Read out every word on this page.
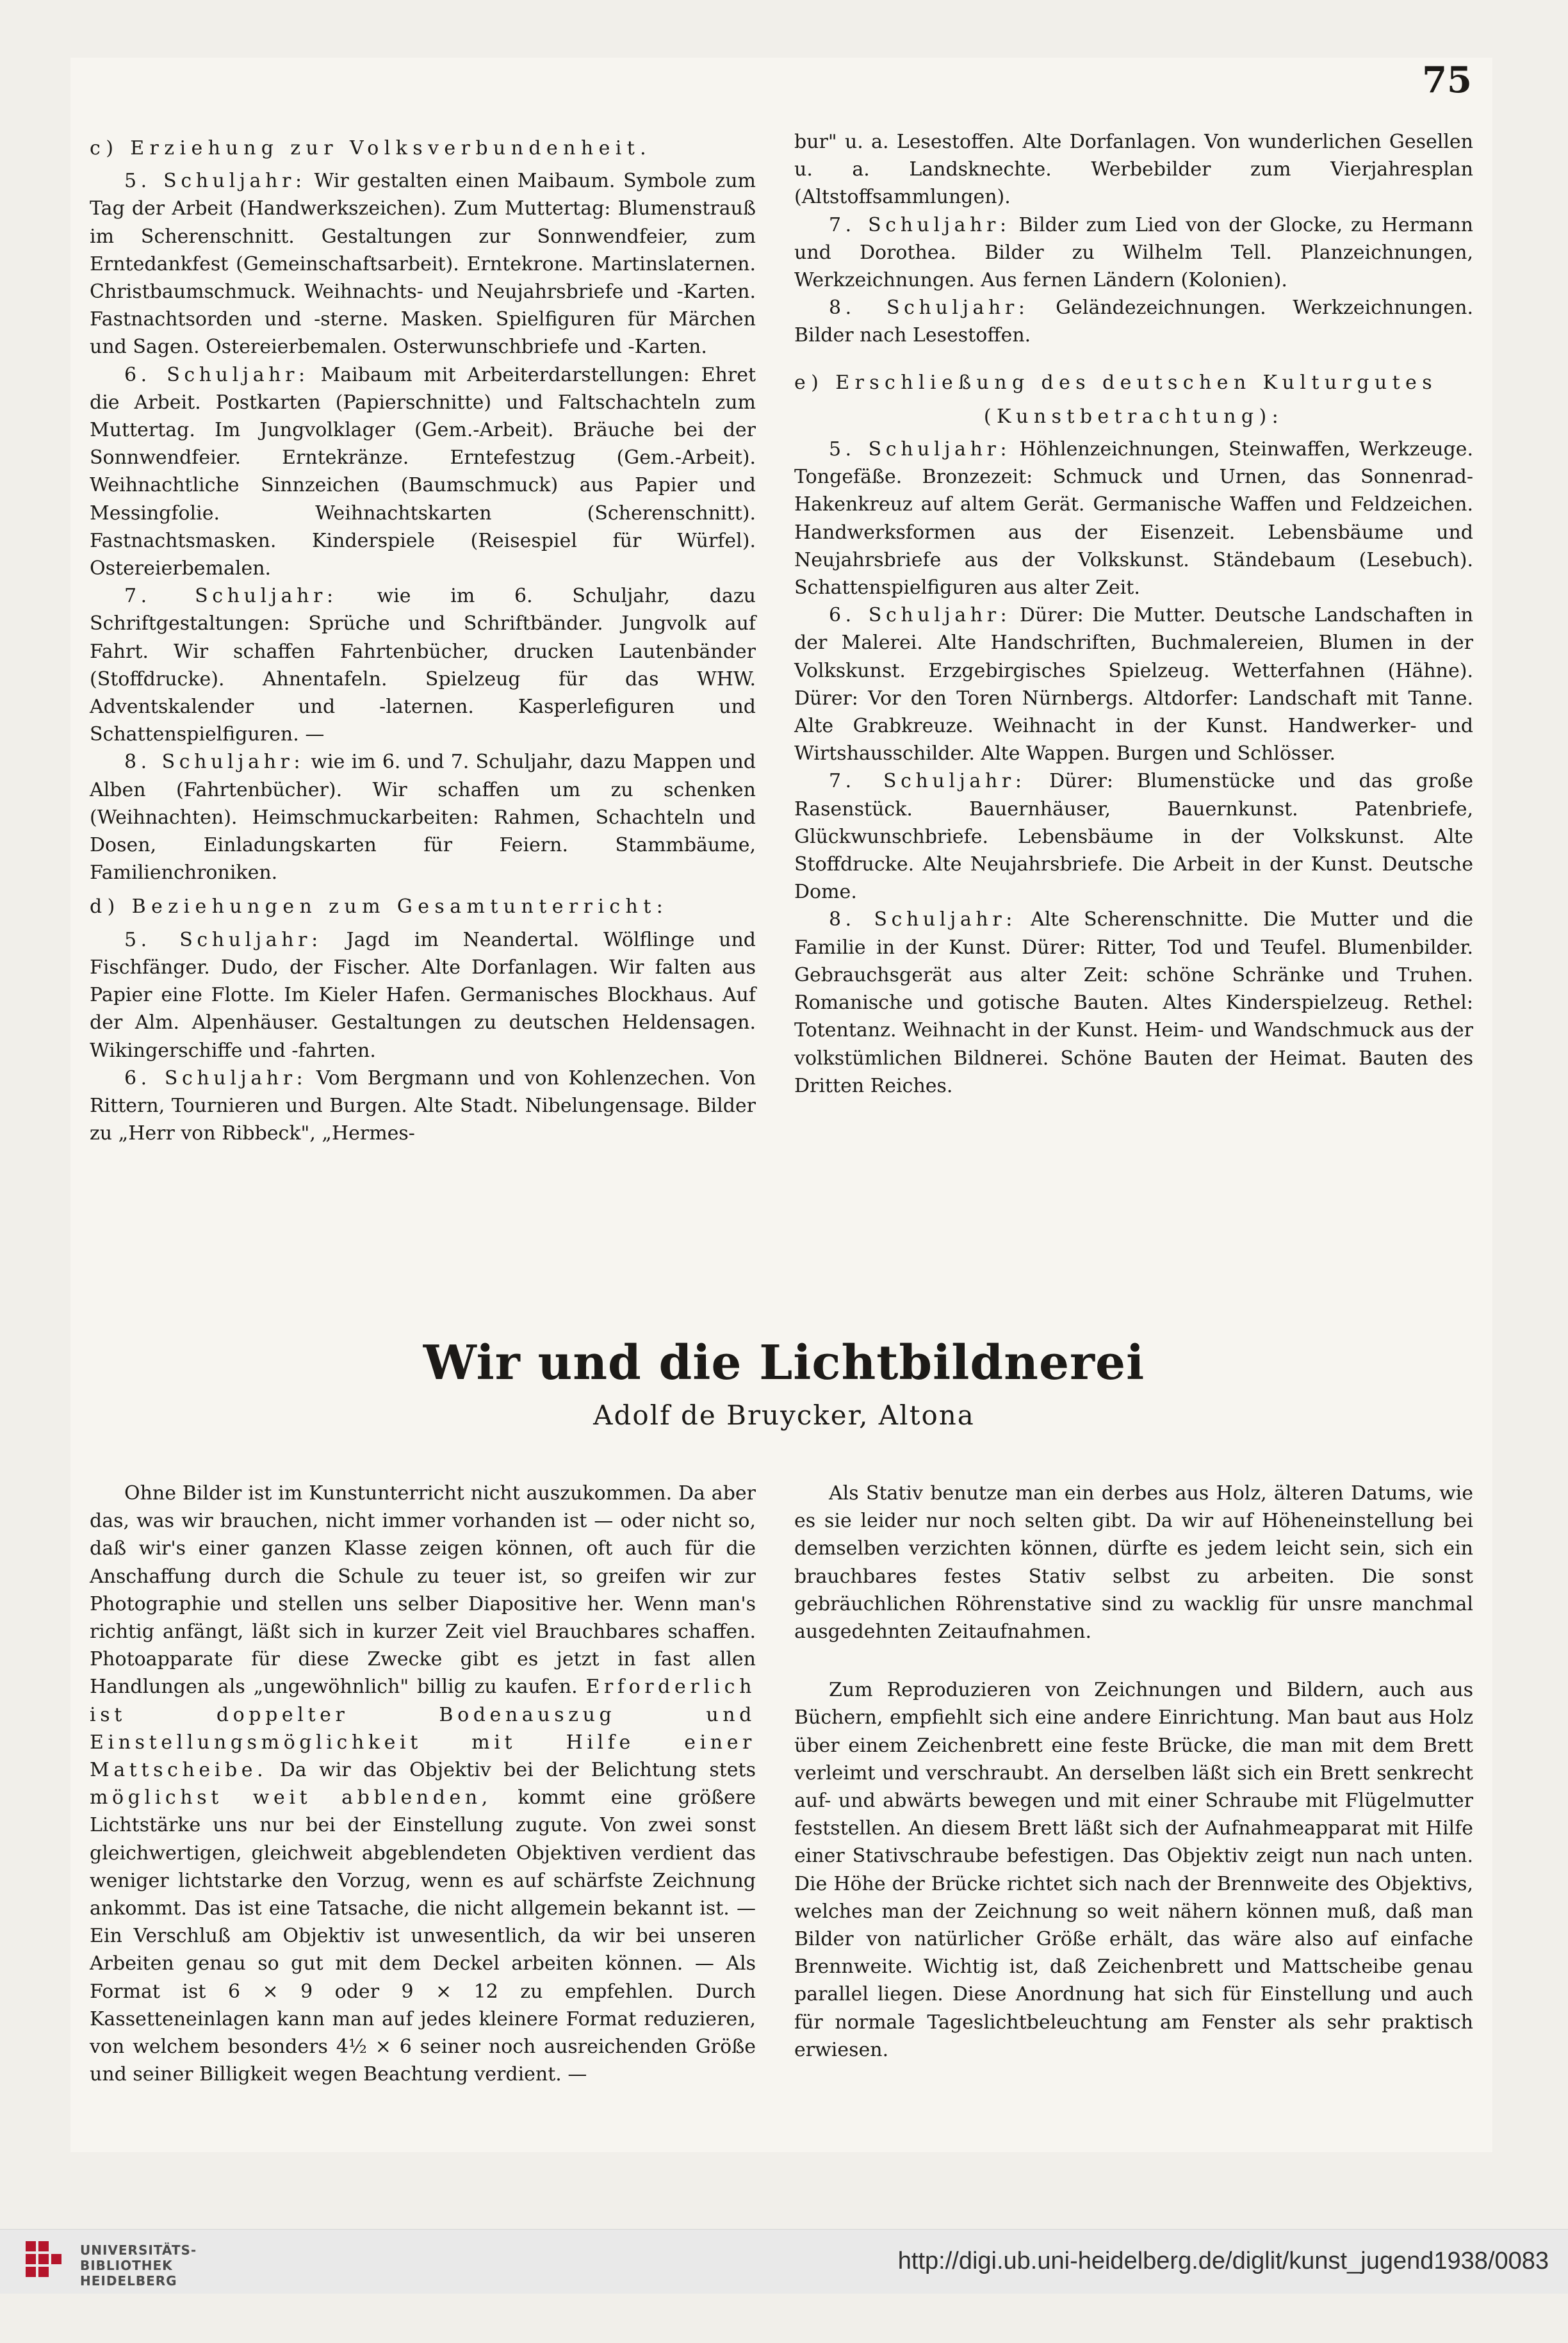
75

c) Erziehung zur Volksverbundenheit.

5. Schuljahr: Wir gestalten einen Maibaum. Symbole zum Tag der Arbeit (Handwerkszeichen). Zum Muttertag: Blumenstrauß im Scherenschnitt. Gestaltungen zur Sonnwendfeier, zum Erntedankfest (Gemeinschaftsarbeit). Erntekrone. Martinslaternen. Christbaumschmuck. Weihnachts- und Neujahrsbriefe und -Karten. Fastnachtsorden und -sterne. Masken. Spielfiguren für Märchen und Sagen. Ostereierbemalen. Osterwunschbriefe und -Karten.

6. Schuljahr: Maibaum mit Arbeiterdarstellungen: Ehret die Arbeit. Postkarten (Papierschnitte) und Faltschachteln zum Muttertag. Im Jungvolklager (Gem.-Arbeit). Bräuche bei der Sonnwendfeier. Erntekränze. Erntefestzug (Gem.-Arbeit). Weihnachtliche Sinnzeichen (Baumschmuck) aus Papier und Messingfolie. Weihnachtskarten (Scherenschnitt). Fastnachtsmasken. Kinderspiele (Reisespiel für Würfel). Ostereierbemalen.

7. Schuljahr: wie im 6. Schuljahr, dazu Schriftgestaltungen: Sprüche und Schriftbänder. Jungvolk auf Fahrt. Wir schaffen Fahrtenbücher, drucken Lautenbänder (Stoffdrucke). Ahnentafeln. Spielzeug für das WHW. Adventskalender und -laternen. Kasperlefiguren und Schattenspielfiguren. —

8. Schuljahr: wie im 6. und 7. Schuljahr, dazu Mappen und Alben (Fahrtenbücher). Wir schaffen um zu schenken (Weihnachten). Heimschmuckarbeiten: Rahmen, Schachteln und Dosen, Einladungskarten für Feiern. Stammbäume, Familienchroniken.

d) Beziehungen zum Gesamtunterricht:

5. Schuljahr: Jagd im Neandertal. Wölflinge und Fischfänger. Dudo, der Fischer. Alte Dorfanlagen. Wir falten aus Papier eine Flotte. Im Kieler Hafen. Germanisches Blockhaus. Auf der Alm. Alpenhäuser. Gestaltungen zu deutschen Heldensagen. Wikingerschiffe und -fahrten.

6. Schuljahr: Vom Bergmann und von Kohlenzechen. Von Rittern, Tournieren und Burgen. Alte Stadt. Nibelungensage. Bilder zu „Herr von Ribbeck", „Hermes-

bur" u. a. Lesestoffen. Alte Dorfanlagen. Von wunderlichen Gesellen u. a. Landsknechte. Werbebilder zum Vierjahresplan (Altstoffsammlungen).

7. Schuljahr: Bilder zum Lied von der Glocke, zu Hermann und Dorothea. Bilder zu Wilhelm Tell. Planzeichnungen, Werkzeichnungen. Aus fernen Ländern (Kolonien).

8. Schuljahr: Geländezeichnungen. Werkzeichnungen. Bilder nach Lesestoffen.

e) Erschließung des deutschen Kulturgutes

(Kunstbetrachtung):

5. Schuljahr: Höhlenzeichnungen, Steinwaffen, Werkzeuge. Tongefäße. Bronzezeit: Schmuck und Urnen, das Sonnenrad-Hakenkreuz auf altem Gerät. Germanische Waffen und Feldzeichen. Handwerksformen aus der Eisenzeit. Lebensbäume und Neujahrsbriefe aus der Volkskunst. Ständebaum (Lesebuch). Schattenspielfiguren aus alter Zeit.

6. Schuljahr: Dürer: Die Mutter. Deutsche Landschaften in der Malerei. Alte Handschriften, Buchmalereien, Blumen in der Volkskunst. Erzgebirgisches Spielzeug. Wetterfahnen (Hähne). Dürer: Vor den Toren Nürnbergs. Altdorfer: Landschaft mit Tanne. Alte Grabkreuze. Weihnacht in der Kunst. Handwerker- und Wirtshausschilder. Alte Wappen. Burgen und Schlösser.

7. Schuljahr: Dürer: Blumenstücke und das große Rasenstück. Bauernhäuser, Bauernkunst. Patenbriefe, Glückwunschbriefe. Lebensbäume in der Volkskunst. Alte Stoffdrucke. Alte Neujahrsbriefe. Die Arbeit in der Kunst. Deutsche Dome.

8. Schuljahr: Alte Scherenschnitte. Die Mutter und die Familie in der Kunst. Dürer: Ritter, Tod und Teufel. Blumenbilder. Gebrauchsgerät aus alter Zeit: schöne Schränke und Truhen. Romanische und gotische Bauten. Altes Kinderspielzeug. Rethel: Totentanz. Weihnacht in der Kunst. Heim- und Wandschmuck aus der volkstümlichen Bildnerei. Schöne Bauten der Heimat. Bauten des Dritten Reiches.

Wir und die Lichtbildnerei
Adolf de Bruycker, Altona

Ohne Bilder ist im Kunstunterricht nicht auszukommen. Da aber das, was wir brauchen, nicht immer vorhanden ist — oder nicht so, daß wir's einer ganzen Klasse zeigen können, oft auch für die Anschaffung durch die Schule zu teuer ist, so greifen wir zur Photographie und stellen uns selber Diapositive her. Wenn man's richtig anfängt, läßt sich in kurzer Zeit viel Brauchbares schaffen. Photoapparate für diese Zwecke gibt es jetzt in fast allen Handlungen als „ungewöhnlich" billig zu kaufen. Erforderlich ist doppelter Bodenauszug und Einstellungsmöglichkeit mit Hilfe einer Mattscheibe. Da wir das Objektiv bei der Belichtung stets möglichst weit abblenden, kommt eine größere Lichtstärke uns nur bei der Einstellung zugute. Von zwei sonst gleichwertigen, gleichweit abgeblendeten Objektiven verdient das weniger lichtstarke den Vorzug, wenn es auf schärfste Zeichnung ankommt. Das ist eine Tatsache, die nicht allgemein bekannt ist. — Ein Verschluß am Objektiv ist unwesentlich, da wir bei unseren Arbeiten genau so gut mit dem Deckel arbeiten können. — Als Format ist 6 × 9 oder 9 × 12 zu empfehlen. Durch Kassetteneinlagen kann man auf jedes kleinere Format reduzieren, von welchem besonders 4½ × 6 seiner noch ausreichenden Größe und seiner Billigkeit wegen Beachtung verdient. —

Als Stativ benutze man ein derbes aus Holz, älteren Datums, wie es sie leider nur noch selten gibt. Da wir auf Höheneinstellung bei demselben verzichten können, dürfte es jedem leicht sein, sich ein brauchbares festes Stativ selbst zu arbeiten. Die sonst gebräuchlichen Röhrenstative sind zu wacklig für unsre manchmal ausgedehnten Zeitaufnahmen.

Zum Reproduzieren von Zeichnungen und Bildern, auch aus Büchern, empfiehlt sich eine andere Einrichtung. Man baut aus Holz über einem Zeichenbrett eine feste Brücke, die man mit dem Brett verleimt und verschraubt. An derselben läßt sich ein Brett senkrecht auf- und abwärts bewegen und mit einer Schraube mit Flügelmutter feststellen. An diesem Brett läßt sich der Aufnahmeapparat mit Hilfe einer Stativschraube befestigen. Das Objektiv zeigt nun nach unten. Die Höhe der Brücke richtet sich nach der Brennweite des Objektivs, welches man der Zeichnung so weit nähern können muß, daß man Bilder von natürlicher Größe erhält, das wäre also auf einfache Brennweite. Wichtig ist, daß Zeichenbrett und Mattscheibe genau parallel liegen. Diese Anordnung hat sich für Einstellung und auch für normale Tageslichtbeleuchtung am Fenster als sehr praktisch erwiesen.

UNIVERSITÄTS-
BIBLIOTHEK
HEIDELBERG
http://digi.ub.uni-heidelberg.de/diglit/kunst_jugend1938/0083
